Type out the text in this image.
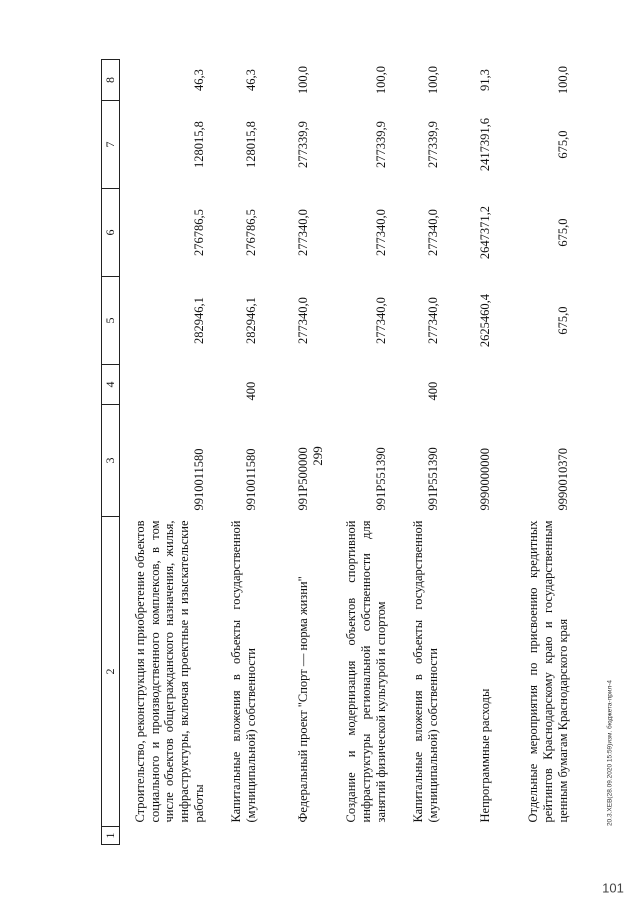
299
1	2	3	4	5	6	7	8
	Строительство, реконструкция и приобретение объектов социального и производственного комплексов, в том числе объектов общегражданского назначения, жилья, инфраструктуры, включая проектные и изыскательские работы	9910011580		282946,1	276786,5	128015,8	46,3
	Капитальные вложения в объекты государственной (муниципальной) собственности	9910011580	400	282946,1	276786,5	128015,8	46,3
	Федеральный проект "Спорт — норма жизни"	991P500000		277340,0	277340,0	277339,9	100,0
	Создание и модернизация объектов спортивной инфраструктуры региональной собственности для занятий физической культурой и спортом	991P551390		277340,0	277340,0	277339,9	100,0
	Капитальные вложения в объекты государственной (муниципальной) собственности	991P551390	400	277340,0	277340,0	277339,9	100,0
	Непрограммные расходы	9990000000		2625460,4	2647371,2	2417391,6	91,3
	Отдельные мероприятия по присвоению кредитных рейтингов Краснодарскому краю и государственным ценным бумагам Краснодарского края	9990010370		675,0	675,0	675,0	100,0
20.3.XEB(28.09.2020 15:59)изм. бюджета-прил-4
101
